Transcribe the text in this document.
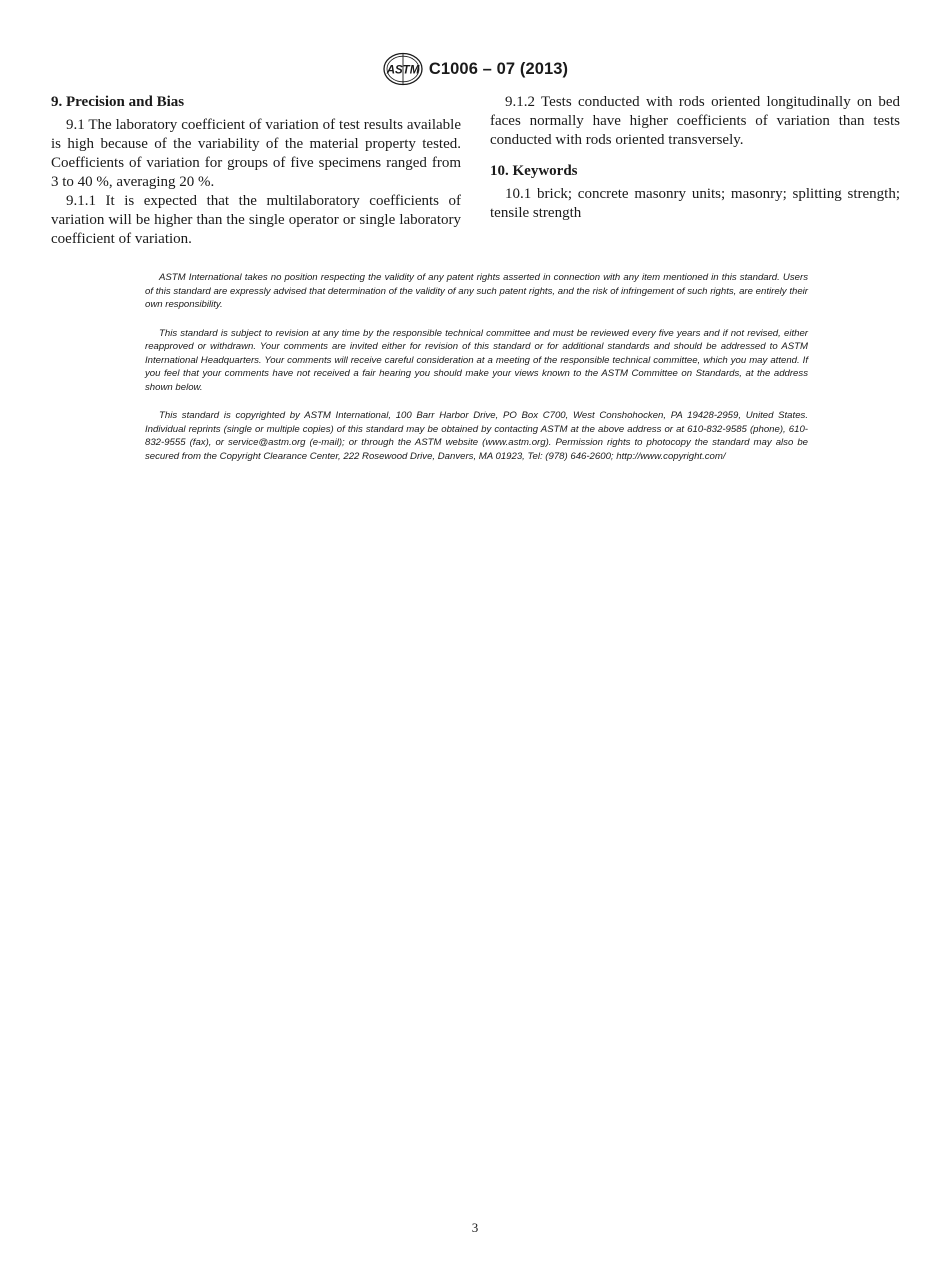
ASTM C1006 – 07 (2013)
9. Precision and Bias

9.1 The laboratory coefficient of variation of test results available is high because of the variability of the material property tested. Coefficients of variation for groups of five specimens ranged from 3 to 40 %, averaging 20 %.

9.1.1 It is expected that the multilaboratory coefficients of variation will be higher than the single operator or single laboratory coefficient of variation.

9.1.2 Tests conducted with rods oriented longitudinally on bed faces normally have higher coefficients of variation than tests conducted with rods oriented transversely.

10. Keywords

10.1 brick; concrete masonry units; masonry; splitting strength; tensile strength

ASTM International takes no position respecting the validity of any patent rights asserted in connection with any item mentioned in this standard. Users of this standard are expressly advised that determination of the validity of any such patent rights, and the risk of infringement of such rights, are entirely their own responsibility.

This standard is subject to revision at any time by the responsible technical committee and must be reviewed every five years and if not revised, either reapproved or withdrawn. Your comments are invited either for revision of this standard or for additional standards and should be addressed to ASTM International Headquarters. Your comments will receive careful consideration at a meeting of the responsible technical committee, which you may attend. If you feel that your comments have not received a fair hearing you should make your views known to the ASTM Committee on Standards, at the address shown below.

This standard is copyrighted by ASTM International, 100 Barr Harbor Drive, PO Box C700, West Conshohocken, PA 19428-2959, United States. Individual reprints (single or multiple copies) of this standard may be obtained by contacting ASTM at the above address or at 610-832-9585 (phone), 610-832-9555 (fax), or service@astm.org (e-mail); or through the ASTM website (www.astm.org). Permission rights to photocopy the standard may also be secured from the Copyright Clearance Center, 222 Rosewood Drive, Danvers, MA 01923, Tel: (978) 646-2600; http://www.copyright.com/

3
